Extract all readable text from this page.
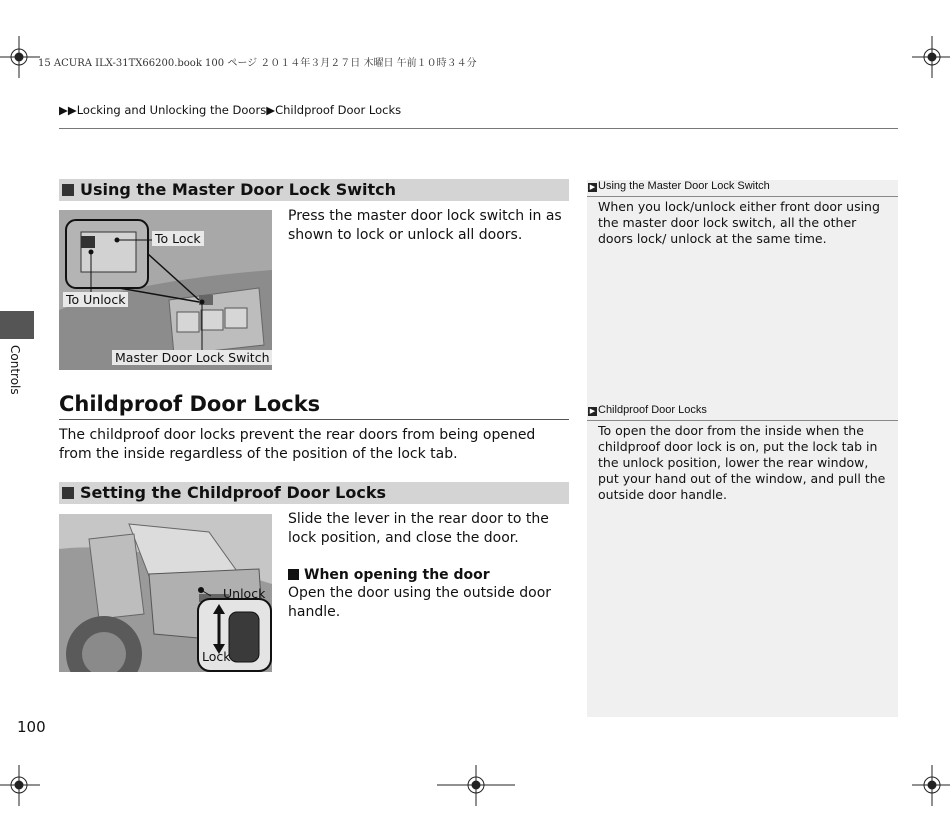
15 ACURA ILX-31TX66200.book 100 ページ ２０１４年３月２７日 木曜日 午前１０時３４分
▶▶Locking and Unlocking the Doors▶Childproof Door Locks
Controls
Using the Master Door Lock Switch
To Lock
To Unlock
Master Door Lock Switch
Press the master door lock switch in as shown to lock or unlock all doors.
Childproof Door Locks
The childproof door locks prevent the rear doors from being opened from the inside regardless of the position of the lock tab.
Setting the Childproof Door Locks
Unlock
Lock
Slide the lever in the rear door to the lock position, and close the door.
When opening the door
Open the door using the outside door handle.
▶ Using the Master Door Lock Switch
When you lock/unlock either front door using the master door lock switch, all the other doors lock/ unlock at the same time.
▶ Childproof Door Locks
To open the door from the inside when the childproof door lock is on, put the lock tab in the unlock position, lower the rear window, put your hand out of the window, and pull the outside door handle.
100
